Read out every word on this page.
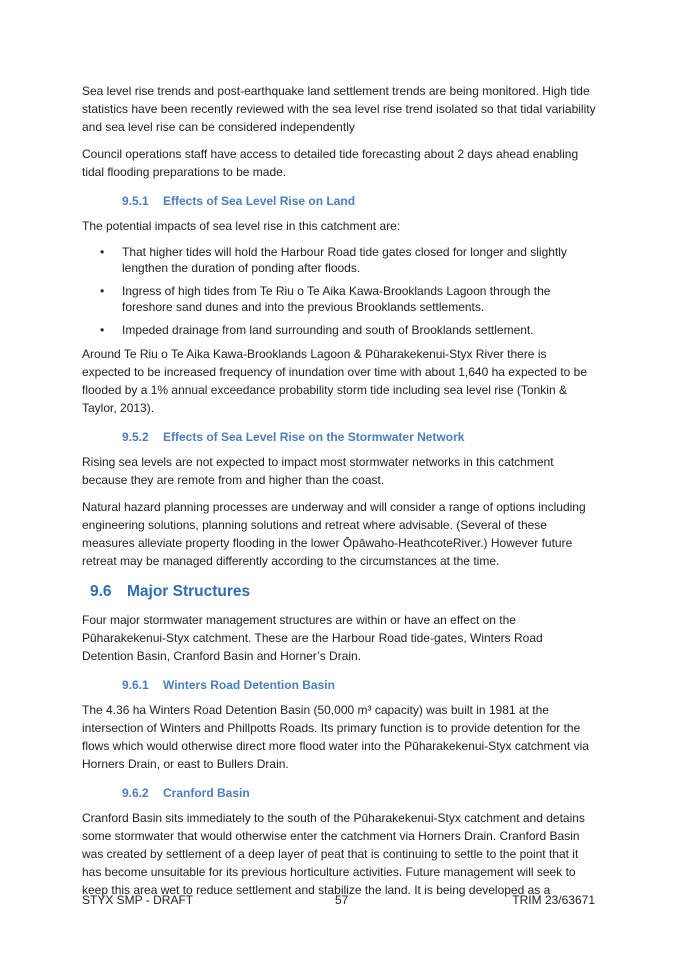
Sea level rise trends and post-earthquake land settlement trends are being monitored. High tide statistics have been recently reviewed with the sea level rise trend isolated so that tidal variability and sea level rise can be considered independently

Council operations staff have access to detailed tide forecasting about 2 days ahead enabling tidal flooding preparations to be made.

9.5.1 Effects of Sea Level Rise on Land

The potential impacts of sea level rise in this catchment are:

• That higher tides will hold the Harbour Road tide gates closed for longer and slightly lengthen the duration of ponding after floods.
• Ingress of high tides from Te Riu o Te Aika Kawa-Brooklands Lagoon through the foreshore sand dunes and into the previous Brooklands settlements.
• Impeded drainage from land surrounding and south of Brooklands settlement.

Around Te Riu o Te Aika Kawa-Brooklands Lagoon & Pūharakekenui-Styx River there is expected to be increased frequency of inundation over time with about 1,640 ha expected to be flooded by a 1% annual exceedance probability storm tide including sea level rise (Tonkin & Taylor, 2013).

9.5.2 Effects of Sea Level Rise on the Stormwater Network

Rising sea levels are not expected to impact most stormwater networks in this catchment because they are remote from and higher than the coast.

Natural hazard planning processes are underway and will consider a range of options including engineering solutions, planning solutions and retreat where advisable. (Several of these measures alleviate property flooding in the lower Ōpāwaho-HeathcoteRiver.) However future retreat may be managed differently according to the circumstances at the time.

9.6 Major Structures

Four major stormwater management structures are within or have an effect on the Pūharakekenui-Styx catchment. These are the Harbour Road tide-gates, Winters Road Detention Basin, Cranford Basin and Horner’s Drain.

9.6.1 Winters Road Detention Basin

The 4.36 ha Winters Road Detention Basin (50,000 m³ capacity) was built in 1981 at the intersection of Winters and Phillpotts Roads. Its primary function is to provide detention for the flows which would otherwise direct more flood water into the Pūharakekenui-Styx catchment via Horners Drain, or east to Bullers Drain.

9.6.2 Cranford Basin

Cranford Basin sits immediately to the south of the Pūharakekenui-Styx catchment and detains some stormwater that would otherwise enter the catchment via Horners Drain. Cranford Basin was created by settlement of a deep layer of peat that is continuing to settle to the point that it has become unsuitable for its previous horticulture activities. Future management will seek to keep this area wet to reduce settlement and stabilize the land. It is being developed as a

STYX SMP - DRAFT	57	TRIM 23/63671
